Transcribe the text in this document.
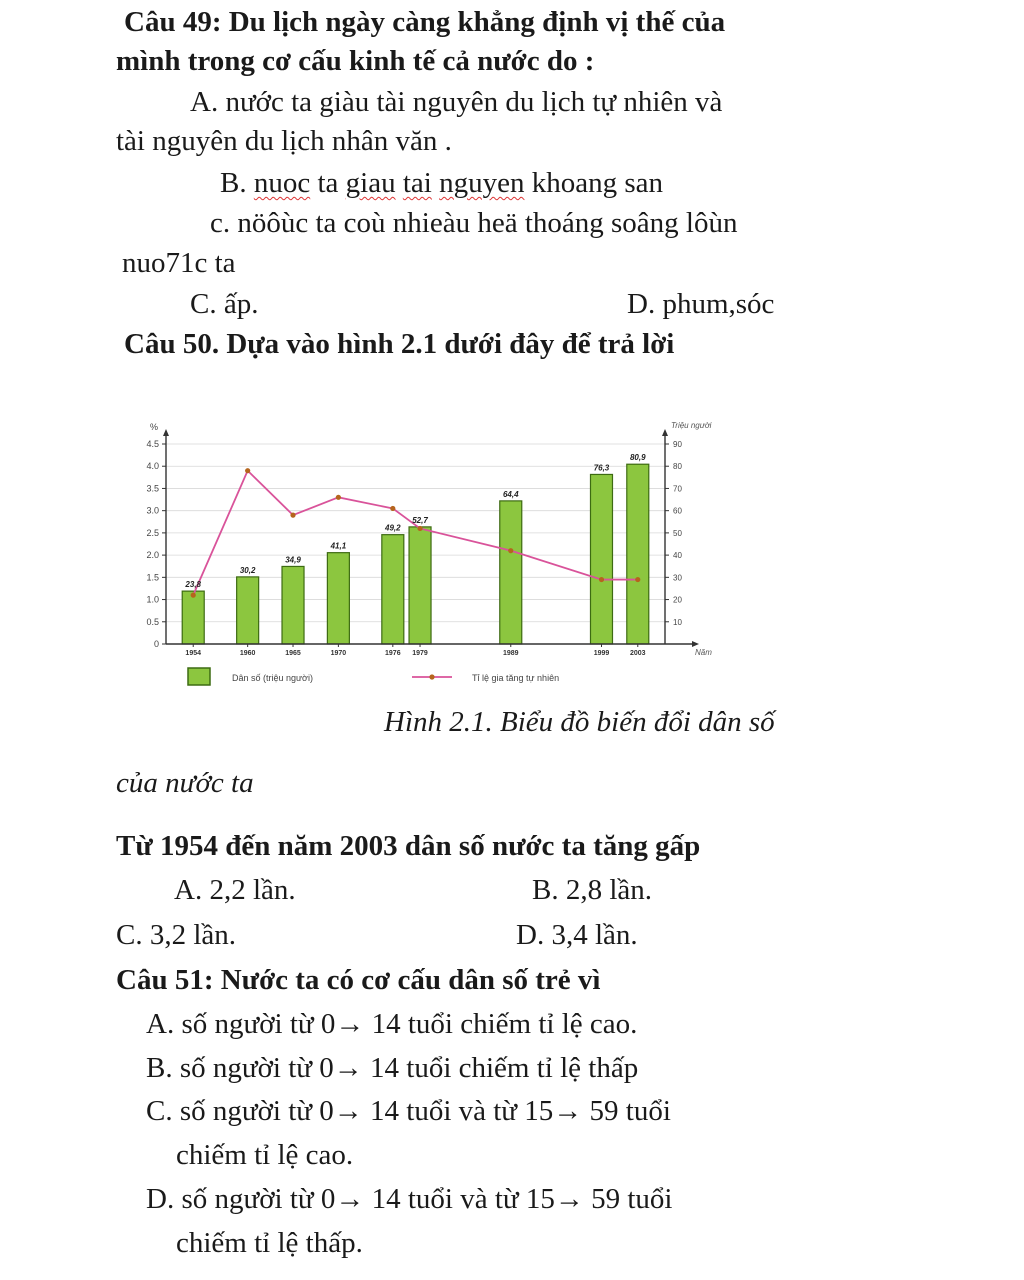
Câu 49: Du lịch ngày càng khẳng định vị thế của
mình trong cơ cấu kinh tế cả nước do :
A. nước ta giàu tài nguyên du lịch tự nhiên và
tài nguyên du lịch nhân văn .
B. nuoc ta giau tai nguyen khoang san
c. nöôùc ta coù nhieàu heä thoáng soâng lôùn
nuo71c ta
C. ấp.	D. phum,sóc
Câu 50. Dựa vào hình 2.1 dưới đây để trả lời
0
0.5
1.0
1.5
2.0
2.5
3.0
3.5
4.0
4.5
10
20
30
40
50
60
70
80
90
23,8
1954
30,2
1960
34,9
1965
41,1
1970
49,2
1976
52,7
1979
64,4
1989
76,3
1999
80,9
2003
%	Triệu người
Năm
Dân số (triệu người)	Tỉ lệ gia tăng tự nhiên
Hình 2.1. Biểu đồ biến đổi dân số
của nước ta
Từ 1954 đến năm 2003 dân số nước ta tăng gấp
A. 2,2 lần.	B. 2,8 lần.
C. 3,2 lần.	D. 3,4 lần.
Câu 51: Nước ta có cơ cấu dân số trẻ vì
A. số người từ 0→ 14 tuổi chiếm tỉ lệ cao.
B. số người từ 0→ 14 tuổi chiếm tỉ lệ thấp
C. số người từ 0→ 14 tuổi và từ 15→ 59 tuổi
chiếm tỉ lệ cao.
D. số người từ 0→ 14 tuổi và từ 15→ 59 tuổi
chiếm tỉ lệ thấp.
